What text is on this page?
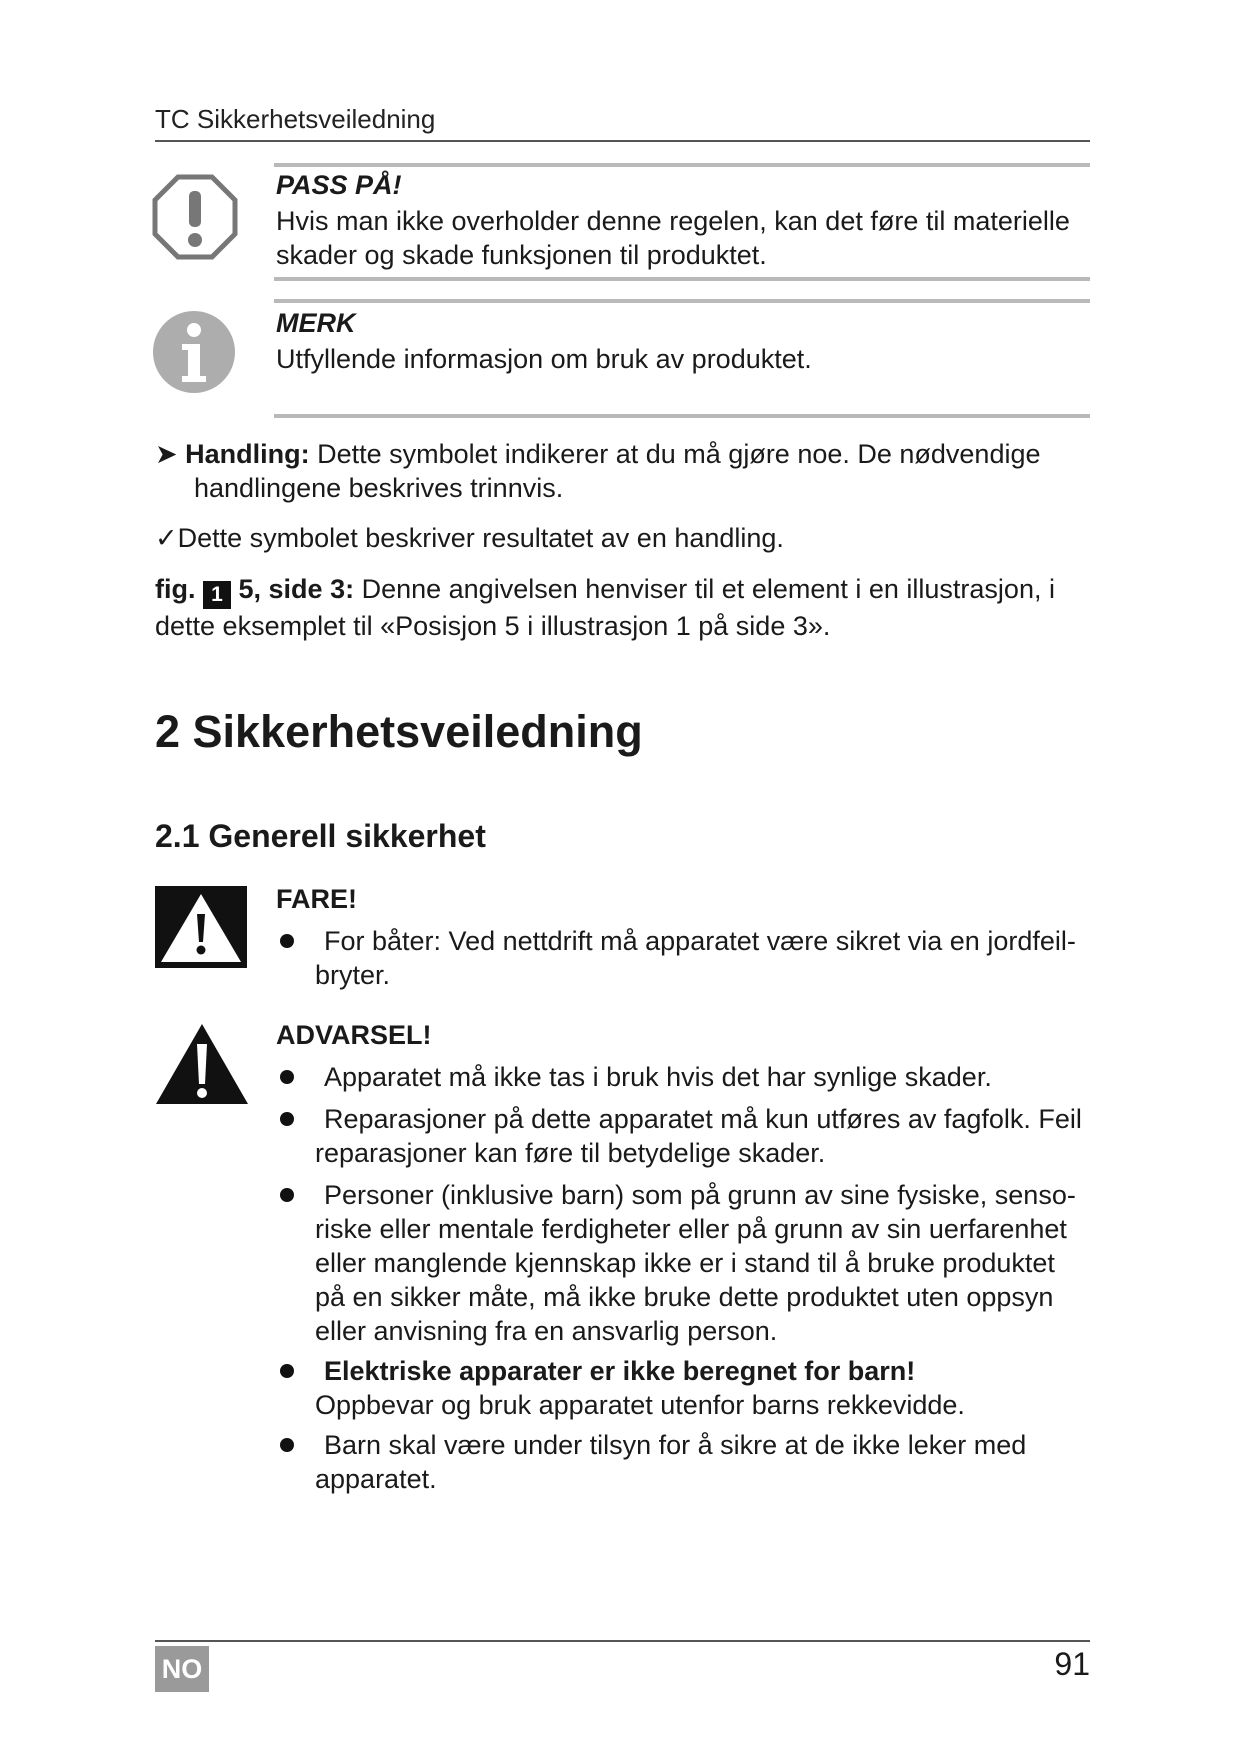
TC Sikkerhetsveiledning
PASS PÅ!
Hvis man ikke overholder denne regelen, kan det føre til materielle
skader og skade funksjonen til produktet.
MERK
Utfyllende informasjon om bruk av produktet.
➤ Handling: Dette symbolet indikerer at du må gjøre noe. De nødvendige
handlingene beskrives trinnvis.
✓Dette symbolet beskriver resultatet av en handling.
fig. 1 5, side 3: Denne angivelsen henviser til et element i en illustrasjon, i
dette eksemplet til «Posisjon 5 i illustrasjon 1 på side 3».
2 Sikkerhetsveiledning
2.1 Generell sikkerhet
FARE!
For båter: Ved nettdrift må apparatet være sikret via en jordfeil-
bryter.
ADVARSEL!
Apparatet må ikke tas i bruk hvis det har synlige skader.
Reparasjoner på dette apparatet må kun utføres av fagfolk. Feil
reparasjoner kan føre til betydelige skader.
Personer (inklusive barn) som på grunn av sine fysiske, senso-
riske eller mentale ferdigheter eller på grunn av sin uerfarenhet
eller manglende kjennskap ikke er i stand til å bruke produktet
på en sikker måte, må ikke bruke dette produktet uten oppsyn
eller anvisning fra en ansvarlig person.
Elektriske apparater er ikke beregnet for barn!
Oppbevar og bruk apparatet utenfor barns rekkevidde.
Barn skal være under tilsyn for å sikre at de ikke leker med
apparatet.
NO	91
